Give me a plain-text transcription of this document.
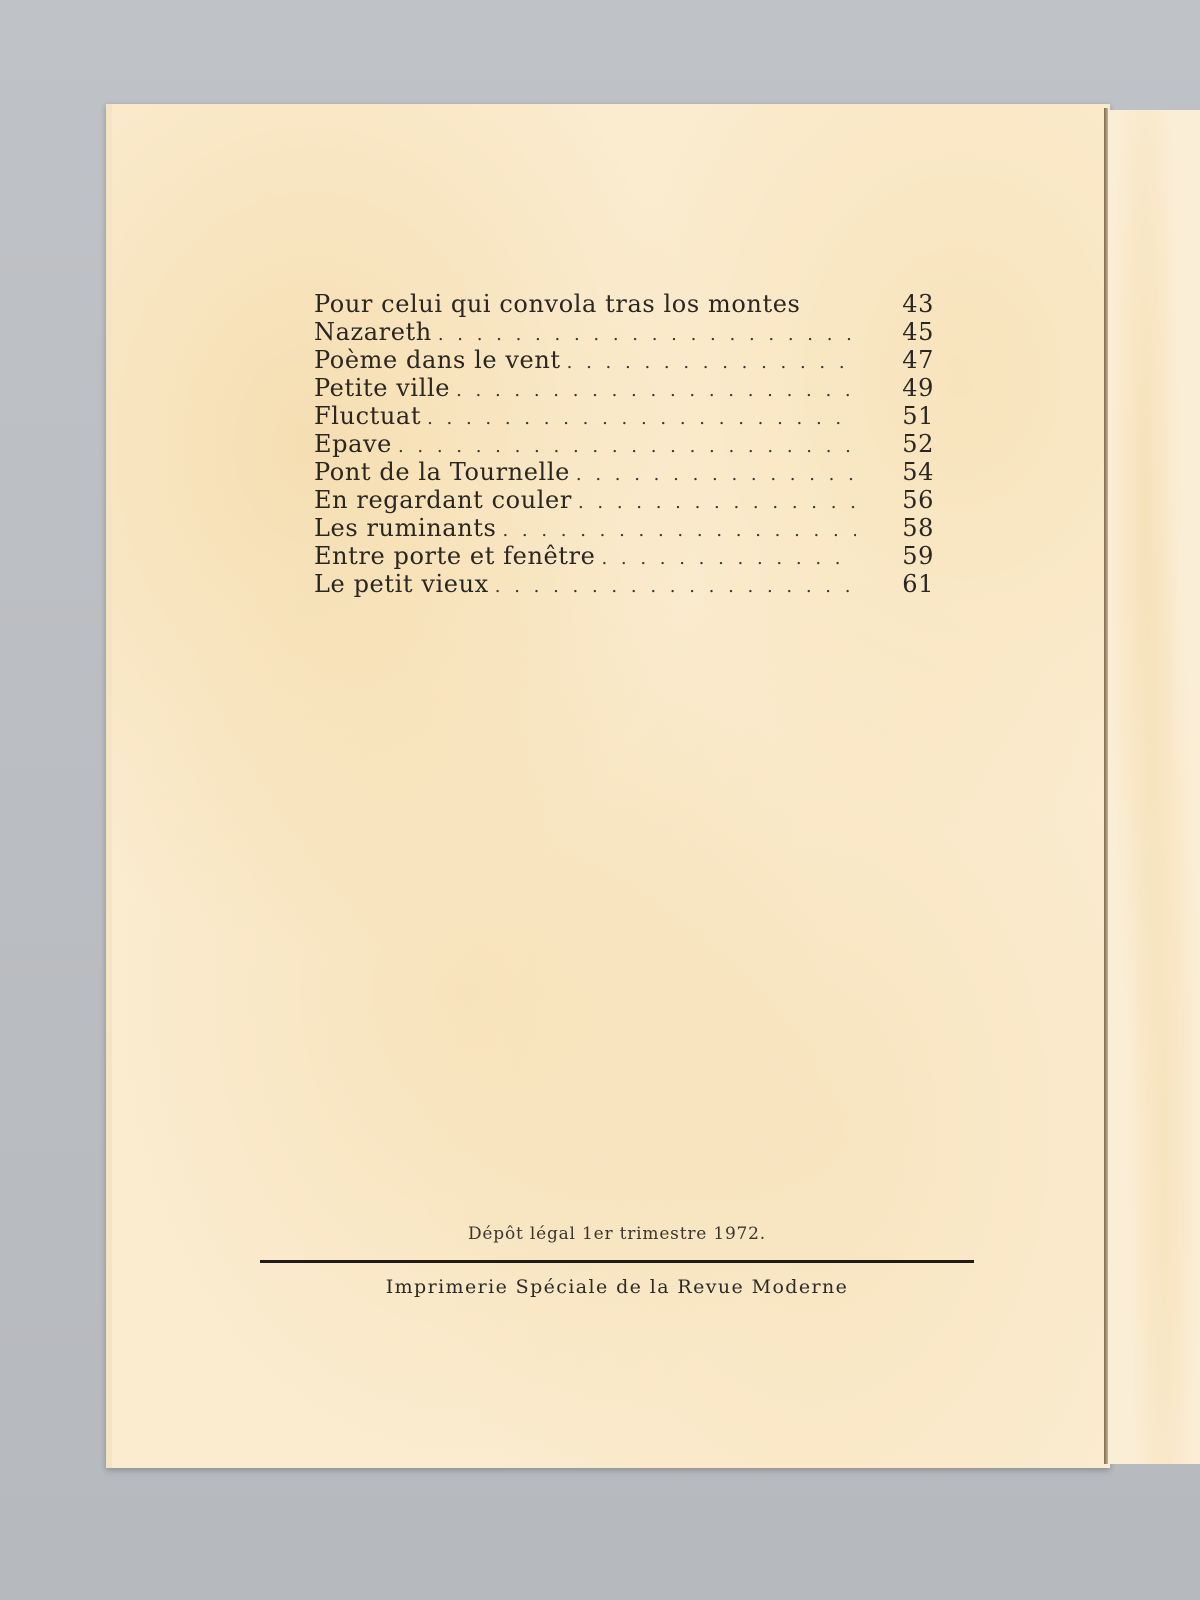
Pour celui qui convola tras los montes	43
Nazareth . . .	45
Poème dans le vent . . .	47
Petite ville . . .	49
Fluctuat . . .	51
Epave . . .	52
Pont de la Tournelle . . .	54
En regardant couler . . .	56
Les ruminants . . .	58
Entre porte et fenêtre . . .	59
Le petit vieux . . .	61
Dépôt légal 1er trimestre 1972.
Imprimerie Spéciale de la Revue Moderne
